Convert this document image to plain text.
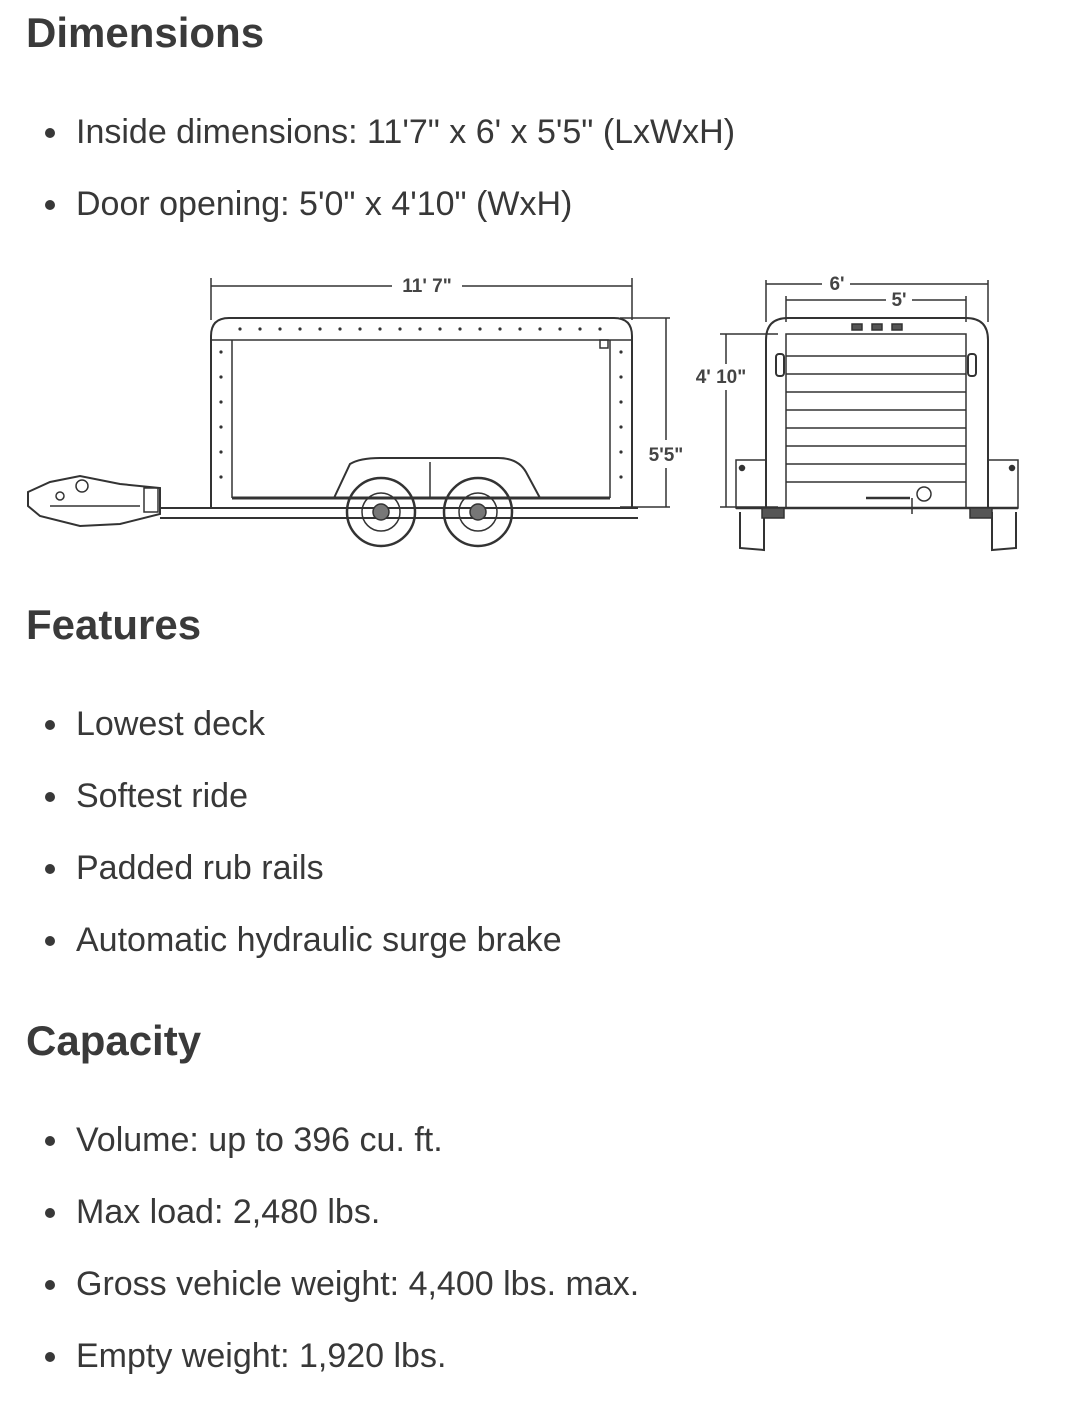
Dimensions
Inside dimensions: 11'7" x 6' x 5'5" (LxWxH)
Door opening: 5'0" x 4'10" (WxH)
11' 7"
5'5"
6'
5'
4' 10"
Features
Lowest deck
Softest ride
Padded rub rails
Automatic hydraulic surge brake
Capacity
Volume: up to 396 cu. ft.
Max load: 2,480 lbs.
Gross vehicle weight: 4,400 lbs. max.
Empty weight: 1,920 lbs.
